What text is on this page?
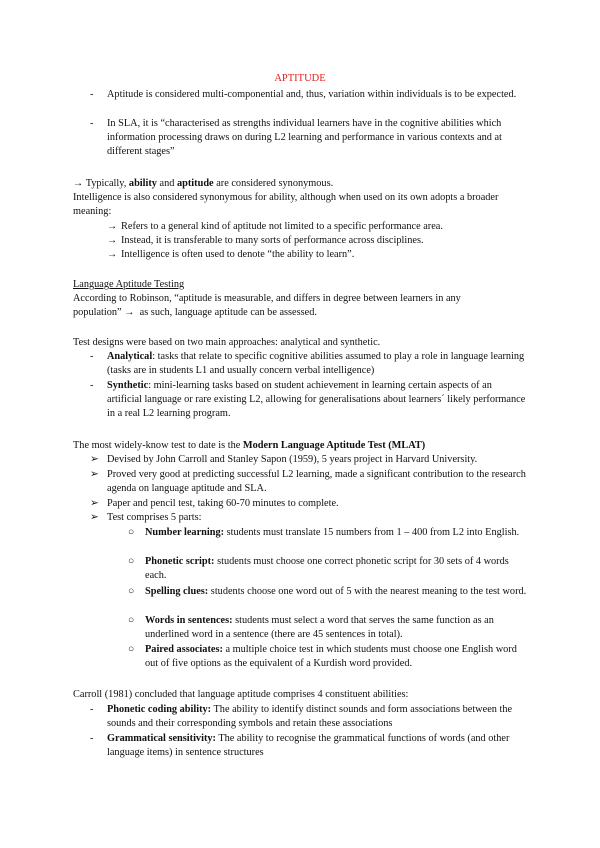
APTITUDE
- Aptitude is considered multi-componential and, thus, variation within individuals is to be expected.
- In SLA, it is “characterised as strengths individual learners have in the cognitive abilities which information processing draws on during L2 learning and performance in various contexts and at different stages”
→ Typically, ability and aptitude are considered synonymous.
Intelligence is also considered synonymous for ability, although when used on its own adopts a broader meaning:
→ Refers to a general kind of aptitude not limited to a specific performance area.
→ Instead, it is transferable to many sorts of performance across disciplines.
→ Intelligence is often used to denote “the ability to learn”.
Language Aptitude Testing
According to Robinson, “aptitude is measurable, and differs in degree between learners in any
population” → as such, language aptitude can be assessed.
Test designs were based on two main approaches: analytical and synthetic.
- Analytical: tasks that relate to specific cognitive abilities assumed to play a role in language learning (tasks are in students L1 and usually concern verbal intelligence)
- Synthetic: mini-learning tasks based on student achievement in learning certain aspects of an artificial language or rare existing L2, allowing for generalisations about learners´ likely performance in a real L2 learning program.
The most widely-know test to date is the Modern Language Aptitude Test (MLAT)
➢ Devised by John Carroll and Stanley Sapon (1959), 5 years project in Harvard University.
➢ Proved very good at predicting successful L2 learning, made a significant contribution to the research agenda on language aptitude and SLA.
➢ Paper and pencil test, taking 60-70 minutes to complete.
➢ Test comprises 5 parts:
○ Number learning: students must translate 15 numbers from 1 – 400 from L2 into English.
○ Phonetic script: students must choose one correct phonetic script for 30 sets of 4 words each.
○ Spelling clues: students choose one word out of 5 with the nearest meaning to the test word.
○ Words in sentences: students must select a word that serves the same function as an underlined word in a sentence (there are 45 sentences in total).
○ Paired associates: a multiple choice test in which students must choose one English word out of five options as the equivalent of a Kurdish word provided.
Carroll (1981) concluded that language aptitude comprises 4 constituent abilities:
- Phonetic coding ability: The ability to identify distinct sounds and form associations between the sounds and their corresponding symbols and retain these associations
- Grammatical sensitivity: The ability to recognise the grammatical functions of words (and other language items) in sentence structures
